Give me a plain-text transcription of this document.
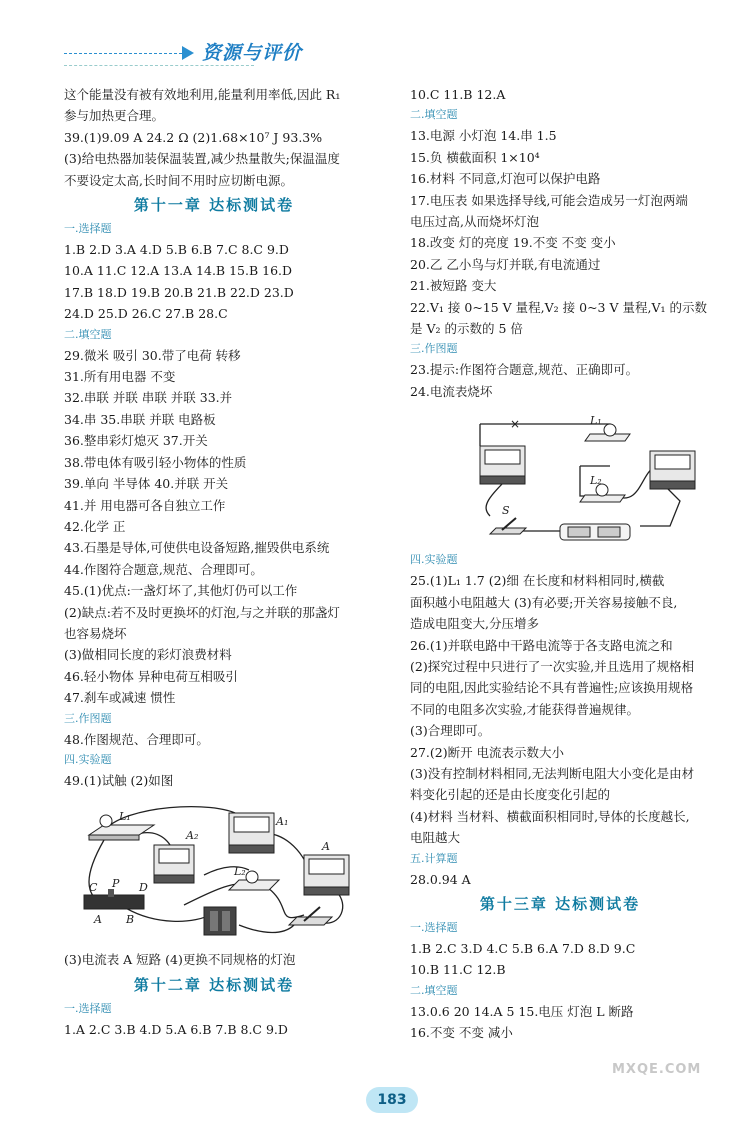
资源与评价
这个能量没有被有效地利用,能量利用率低,因此 R₁
参与加热更合理。
39.(1)9.09 A 24.2 Ω (2)1.68×10⁷ J 93.3%
(3)给电热器加装保温装置,减少热量散失;保温温度
不要设定太高,长时间不用时应切断电源。
第十一章 达标测试卷
一.选择题
1.B 2.D 3.A 4.D 5.B 6.B 7.C 8.C 9.D
10.A 11.C 12.A 13.A 14.B 15.B 16.D
17.B 18.D 19.B 20.B 21.B 22.D 23.D
24.D 25.D 26.C 27.B 28.C
二.填空题
29.微米 吸引 30.带了电荷 转移
31.所有用电器 不变
32.串联 并联 串联 并联 33.并
34.串 35.串联 并联 电路板
36.整串彩灯熄灭 37.开关
38.带电体有吸引轻小物体的性质
39.单向 半导体 40.并联 开关
41.并 用电器可各自独立工作
42.化学 正
43.石墨是导体,可使供电设备短路,摧毁供电系统
44.作图符合题意,规范、合理即可。
45.(1)优点:一盏灯坏了,其他灯仍可以工作
(2)缺点:若不及时更换坏的灯泡,与之并联的那盏灯
也容易烧坏
(3)做相同长度的彩灯浪费材料
46.轻小物体 异种电荷互相吸引
47.刹车或减速 惯性
三.作图题
48.作图规范、合理即可。
四.实验题
49.(1)试触 (2)如图
L₁
A₂
A₁
A
L₂
C P D
A B
(3)电流表 A 短路 (4)更换不同规格的灯泡
第十二章 达标测试卷
一.选择题
1.A 2.C 3.B 4.D 5.A 6.B 7.B 8.C 9.D
10.C 11.B 12.A
二.填空题
13.电源 小灯泡 14.串 1.5
15.负 横截面积 1×10⁴
16.材料 不同意,灯泡可以保护电路
17.电压表 如果选择导线,可能会造成另一灯泡两端
电压过高,从而烧坏灯泡
18.改变 灯的亮度 19.不变 不变 变小
20.乙 乙小鸟与灯并联,有电流通过
21.被短路 变大
22.V₁ 接 0~15 V 量程,V₂ 接 0~3 V 量程,V₁ 的示数
是 V₂ 的示数的 5 倍
三.作图题
23.提示:作图符合题意,规范、正确即可。
24.电流表烧坏
×	L₁
L₂
S
四.实验题
25.(1)L₁ 1.7 (2)细 在长度和材料相同时,横截
面积越小电阻越大 (3)有必要;开关容易接触不良,
造成电阻变大,分压增多
26.(1)并联电路中干路电流等于各支路电流之和
(2)探究过程中只进行了一次实验,并且选用了规格相
同的电阻,因此实验结论不具有普遍性;应该换用规格
不同的电阻多次实验,才能获得普遍规律。
(3)合理即可。
27.(2)断开 电流表示数大小
(3)没有控制材料相同,无法判断电阻大小变化是由材
料变化引起的还是由长度变化引起的
(4)材料 当材料、横截面积相同时,导体的长度越长,
电阻越大
五.计算题
28.0.94 A
第十三章 达标测试卷
一.选择题
1.B 2.C 3.D 4.C 5.B 6.A 7.D 8.D 9.C
10.B 11.C 12.B
二.填空题
13.0.6 20 14.A 5 15.电压 灯泡 L 断路
16.不变 不变 减小
183
MXQE.COM
